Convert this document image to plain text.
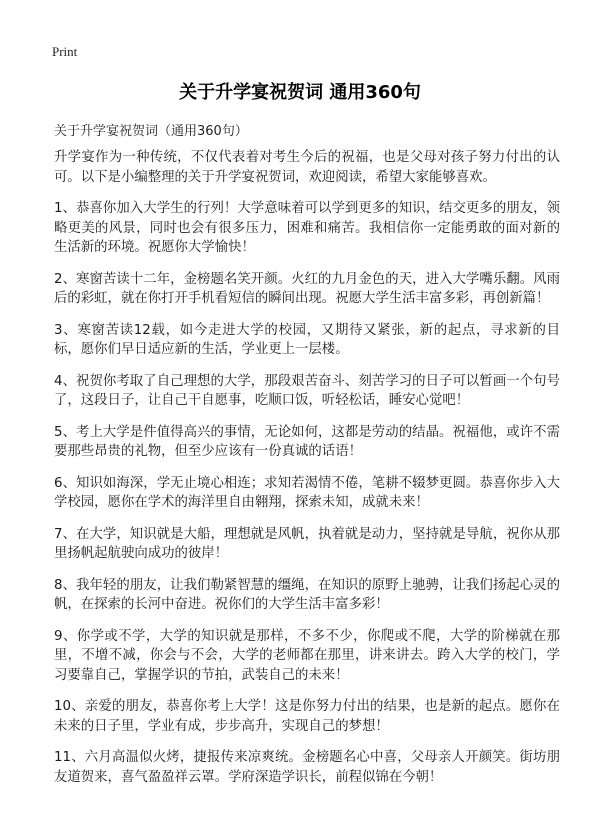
Print
关于升学宴祝贺词 通用360句
关于升学宴祝贺词（通用360句）

升学宴作为一种传统，不仅代表着对考生今后的祝福，也是父母对孩子努力付出的认可。以下是小编整理的关于升学宴祝贺词，欢迎阅读，希望大家能够喜欢。

1、恭喜你加入大学生的行列！大学意味着可以学到更多的知识，结交更多的朋友，领略更美的风景，同时也会有很多压力，困难和痛苦。我相信你一定能勇敢的面对新的生活新的环境。祝愿你大学愉快！

2、寒窗苦读十二年，金榜题名笑开颜。火红的九月金色的天，进入大学嘴乐翻。风雨后的彩虹，就在你打开手机看短信的瞬间出现。祝愿大学生活丰富多彩，再创新篇！

3、寒窗苦读12载，如今走进大学的校园，又期待又紧张，新的起点，寻求新的目标，愿你们早日适应新的生活，学业更上一层楼。

4、祝贺你考取了自己理想的大学，那段艰苦奋斗、刻苦学习的日子可以暂画一个句号了，这段日子，让自己干自愿事，吃顺口饭，听轻松话，睡安心觉吧！

5、考上大学是件值得高兴的事情，无论如何，这都是劳动的结晶。祝福他，或许不需要那些昂贵的礼物，但至少应该有一份真诚的话语！

6、知识如海深，学无止境心相连；求知若渴情不倦，笔耕不辍梦更圆。恭喜你步入大学校园，愿你在学术的海洋里自由翱翔，探索未知，成就未来！

7、在大学，知识就是大船，理想就是风帆，执着就是动力，坚持就是导航，祝你从那里扬帆起航驶向成功的彼岸！

8、我年轻的朋友，让我们勒紧智慧的缰绳，在知识的原野上驰骋，让我们扬起心灵的帆，在探索的长河中奋进。祝你们的大学生活丰富多彩！

9、你学或不学，大学的知识就是那样，不多不少，你爬或不爬，大学的阶梯就在那里，不增不减，你会与不会，大学的老师都在那里，讲来讲去。跨入大学的校门，学习要靠自己，掌握学识的节拍，武装自己的未来！

10、亲爱的朋友，恭喜你考上大学！这是你努力付出的结果，也是新的起点。愿你在未来的日子里，学业有成，步步高升，实现自己的梦想！

11、六月高温似火烤，捷报传来凉爽统。金榜题名心中喜，父母亲人开颜笑。街坊朋友道贺来，喜气盈盈祥云罩。学府深造学识长，前程似锦在今朝！
